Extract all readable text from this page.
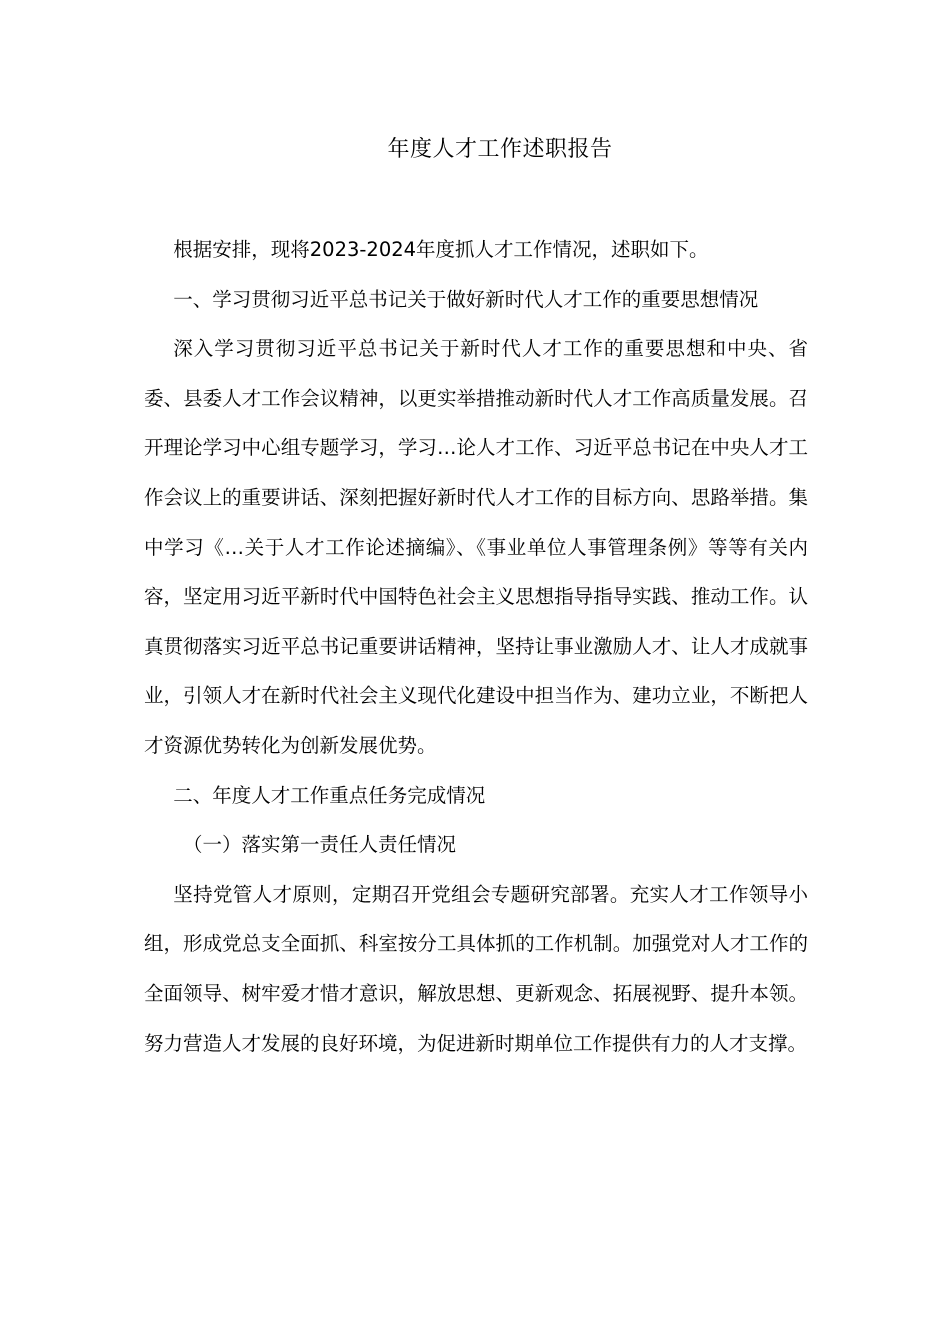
年度人才工作述职报告

根据安排，现将2023-2024年度抓人才工作情况，述职如下。

一、学习贯彻习近平总书记关于做好新时代人才工作的重要思想情况

深入学习贯彻习近平总书记关于新时代人才工作的重要思想和中央、省委、县委人才工作会议精神，以更实举措推动新时代人才工作高质量发展。召开理论学习中心组专题学习，学习…论人才工作、习近平总书记在中央人才工作会议上的重要讲话、深刻把握好新时代人才工作的目标方向、思路举措。集中学习《…关于人才工作论述摘编》、《事业单位人事管理条例》等等有关内容，坚定用习近平新时代中国特色社会主义思想指导指导实践、推动工作。认真贯彻落实习近平总书记重要讲话精神，坚持让事业激励人才、让人才成就事业，引领人才在新时代社会主义现代化建设中担当作为、建功立业，不断把人才资源优势转化为创新发展优势。

二、年度人才工作重点任务完成情况

（一）落实第一责任人责任情况

坚持党管人才原则，定期召开党组会专题研究部署。充实人才工作领导小组，形成党总支全面抓、科室按分工具体抓的工作机制。加强党对人才工作的全面领导、树牢爱才惜才意识，解放思想、更新观念、拓展视野、提升本领。努力营造人才发展的良好环境，为促进新时期单位工作提供有力的人才支撑。
